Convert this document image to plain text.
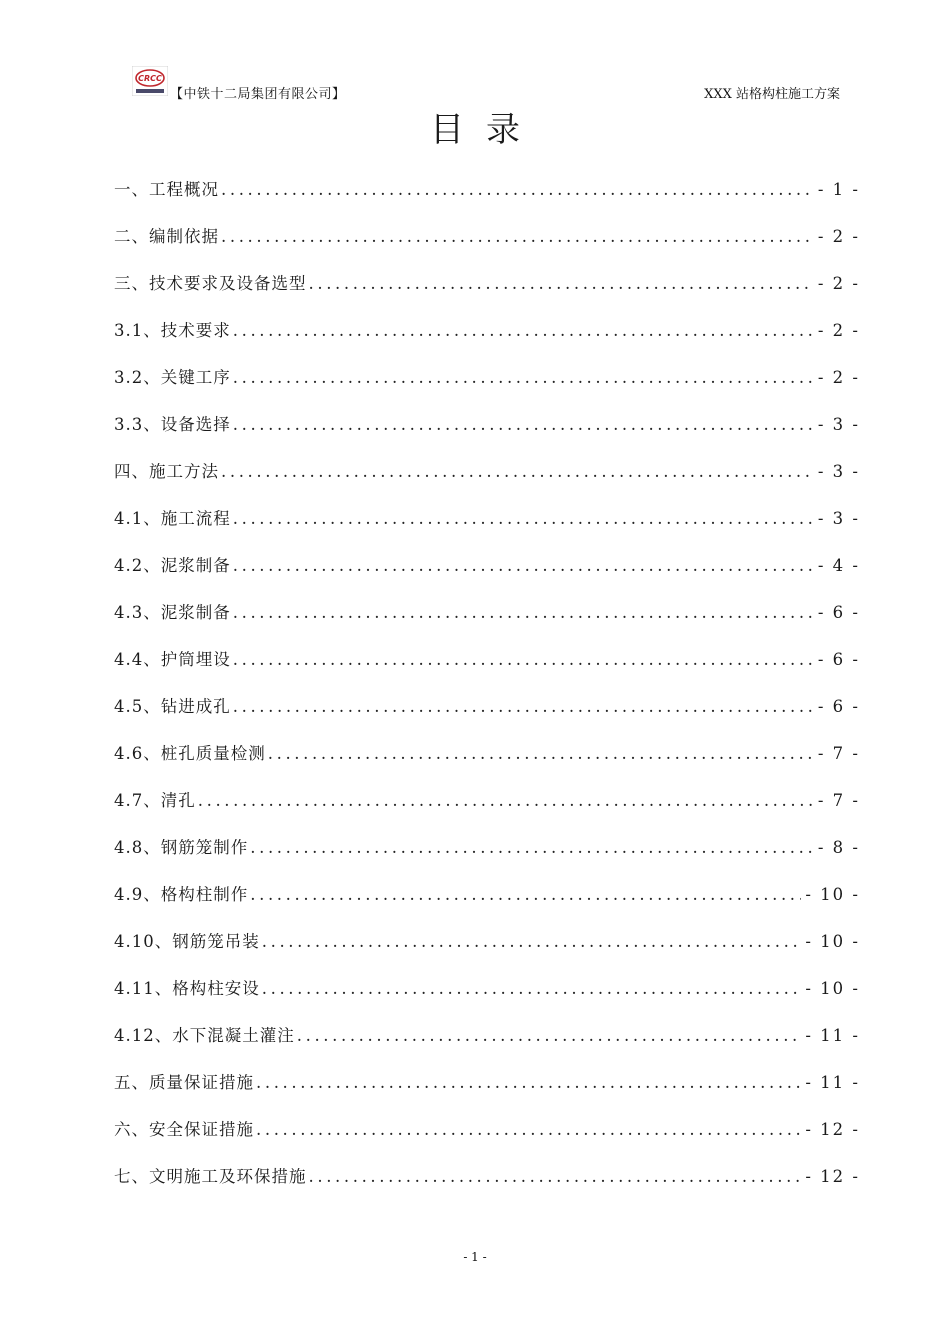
CRCC
【中铁十二局集团有限公司】	XXX 站格构柱施工方案
目录
一、工程概况 .....	- 1 -
二、编制依据 .....	- 2 -
三、技术要求及设备选型 .....	- 2 -
3.1、技术要求 .....	- 2 -
3.2、关键工序 .....	- 2 -
3.3、设备选择 .....	- 3 -
四、施工方法 .....	- 3 -
4.1、施工流程 .....	- 3 -
4.2、泥浆制备 .....	- 4 -
4.3、泥浆制备 .....	- 6 -
4.4、护筒埋设 .....	- 6 -
4.5、钻进成孔 .....	- 6 -
4.6、桩孔质量检测 .....	- 7 -
4.7、清孔 .....	- 7 -
4.8、钢筋笼制作 .....	- 8 -
4.9、格构柱制作 .....	- 10 -
4.10、钢筋笼吊装 .....	- 10 -
4.11、格构柱安设 .....	- 10 -
4.12、水下混凝土灌注 .....	- 11 -
五、质量保证措施 .....	- 11 -
六、安全保证措施 .....	- 12 -
七、文明施工及环保措施 .....	- 12 -
- 1 -
